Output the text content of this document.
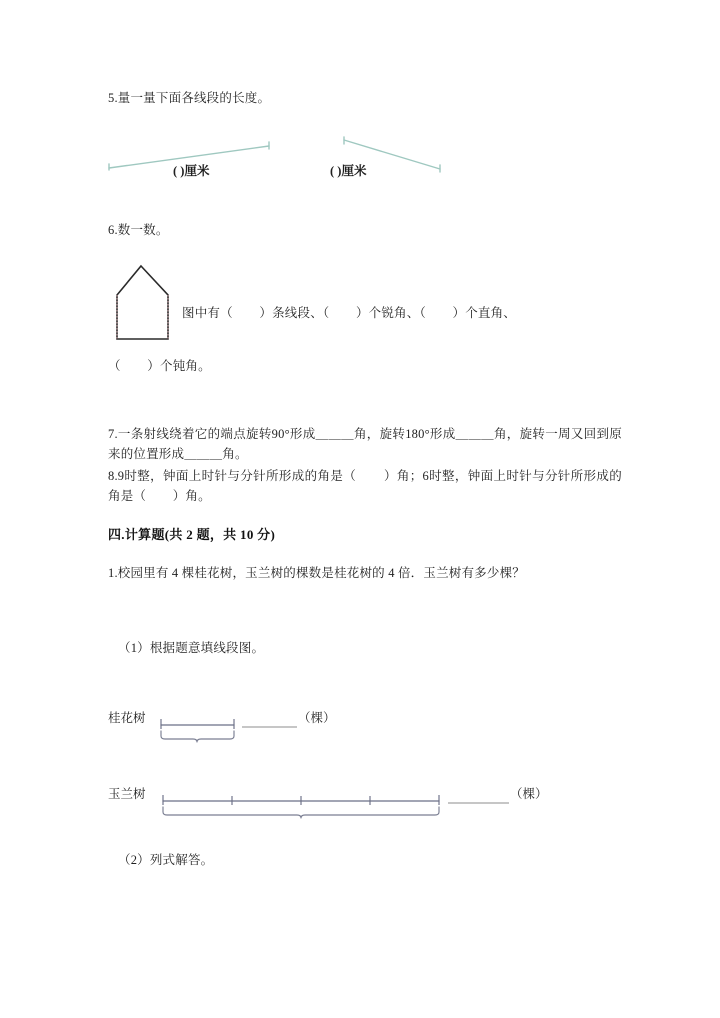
5.量一量下面各线段的长度。
( )厘米	( )厘米
6.数一数。
图中有（        ）条线段、（        ）个锐角、（        ）个直角、
（        ）个钝角。
7.一条射线绕着它的端点旋转90°形成＿＿＿角，旋转180°形成＿＿＿角，旋转一周又回到原来的位置形成＿＿＿角。
8.9时整，钟面上时针与分针所形成的角是（        ）角；6时整，钟面上时针与分针所形成的角是（        ）角。
四.计算题(共 2 题，共 10 分)
1.校园里有 4 棵桂花树，玉兰树的棵数是桂花树的 4 倍．玉兰树有多少棵？
（1）根据题意填线段图。
桂花树	（棵）
玉兰树	（棵）
（2）列式解答。
